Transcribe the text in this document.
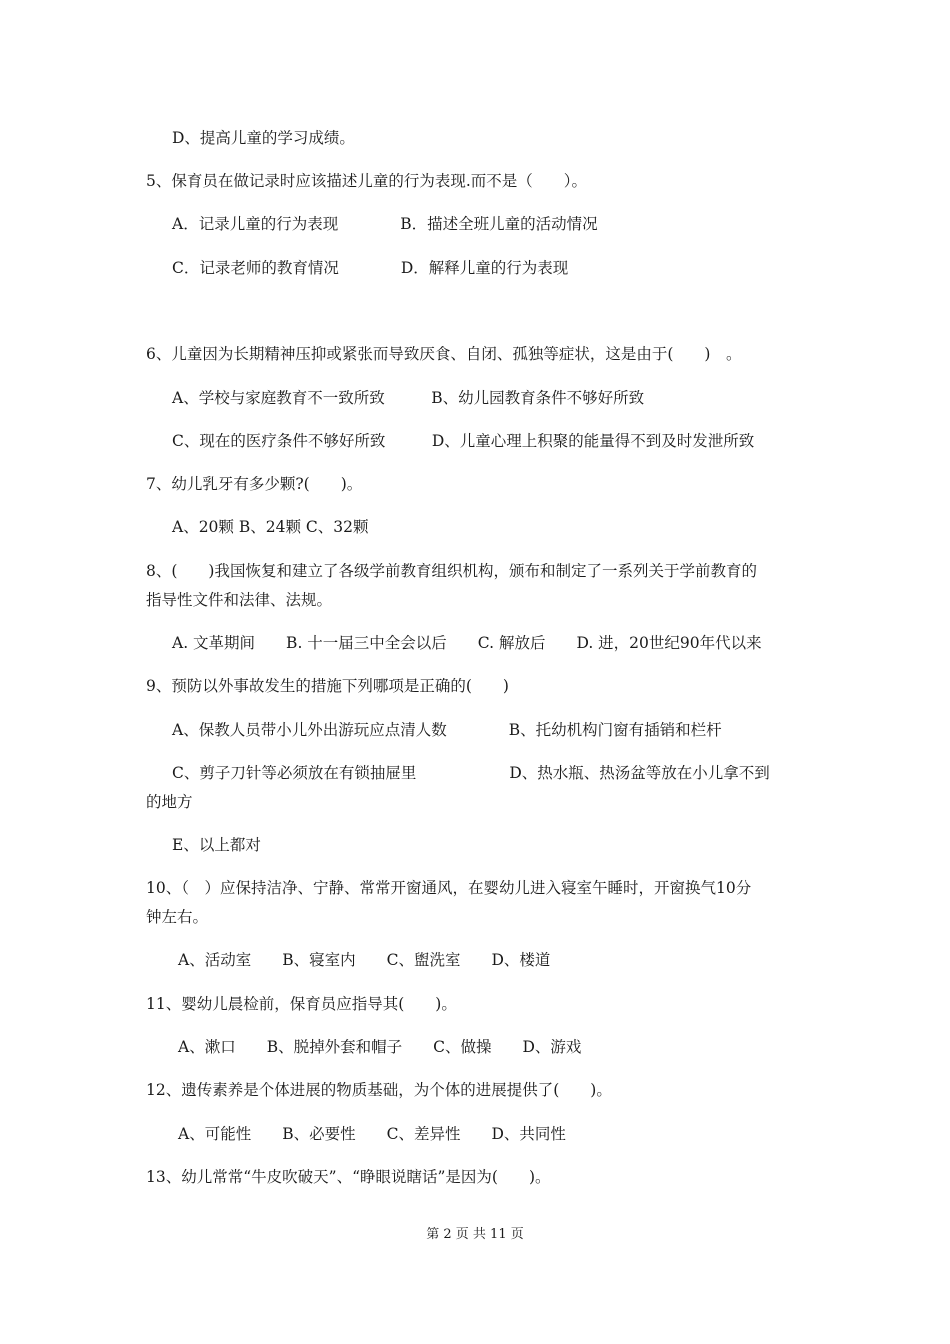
D、提高儿童的学习成绩。
5、保育员在做记录时应该描述儿童的行为表现.而不是（　　）。
A．记录儿童的行为表现　　　　B．描述全班儿童的活动情况
C．记录老师的教育情况　　　　D．解释儿童的行为表现
6、儿童因为长期精神压抑或紧张而导致厌食、自闭、孤独等症状，这是由于(　　)　。
A、学校与家庭教育不一致所致　　　B、幼儿园教育条件不够好所致
C、现在的医疗条件不够好所致　　　D、儿童心理上积聚的能量得不到及时发泄所致
7、幼儿乳牙有多少颗?(　　)。
A、20颗 B、24颗 C、32颗
8、(　　)我国恢复和建立了各级学前教育组织机构，颁布和制定了一系列关于学前教育的
指导性文件和法律、法规。
A. 文革期间　　B. 十一届三中全会以后　　C. 解放后　　D. 进，20世纪90年代以来
9、预防以外事故发生的措施下列哪项是正确的(　　)
A、保教人员带小儿外出游玩应点清人数　　　　B、托幼机构门窗有插销和栏杆
C、剪子刀针等必须放在有锁抽屉里　　　　　　D、热水瓶、热汤盆等放在小儿拿不到
的地方
E、以上都对
10、（　）应保持洁净、宁静、常常开窗通风，在婴幼儿进入寝室午睡时，开窗换气10分
钟左右。
A、活动室　　B、寝室内　　C、盥洗室　　D、楼道
11、婴幼儿晨检前，保育员应指导其(　　)。
A、漱口　　B、脱掉外套和帽子　　C、做操　　D、游戏
12、遗传素养是个体进展的物质基础，为个体的进展提供了(　　)。
A、可能性　　B、必要性　　C、差异性　　D、共同性
13、幼儿常常“牛皮吹破天”、“睁眼说瞎话”是因为(　　)。
第 2 页 共 11 页
